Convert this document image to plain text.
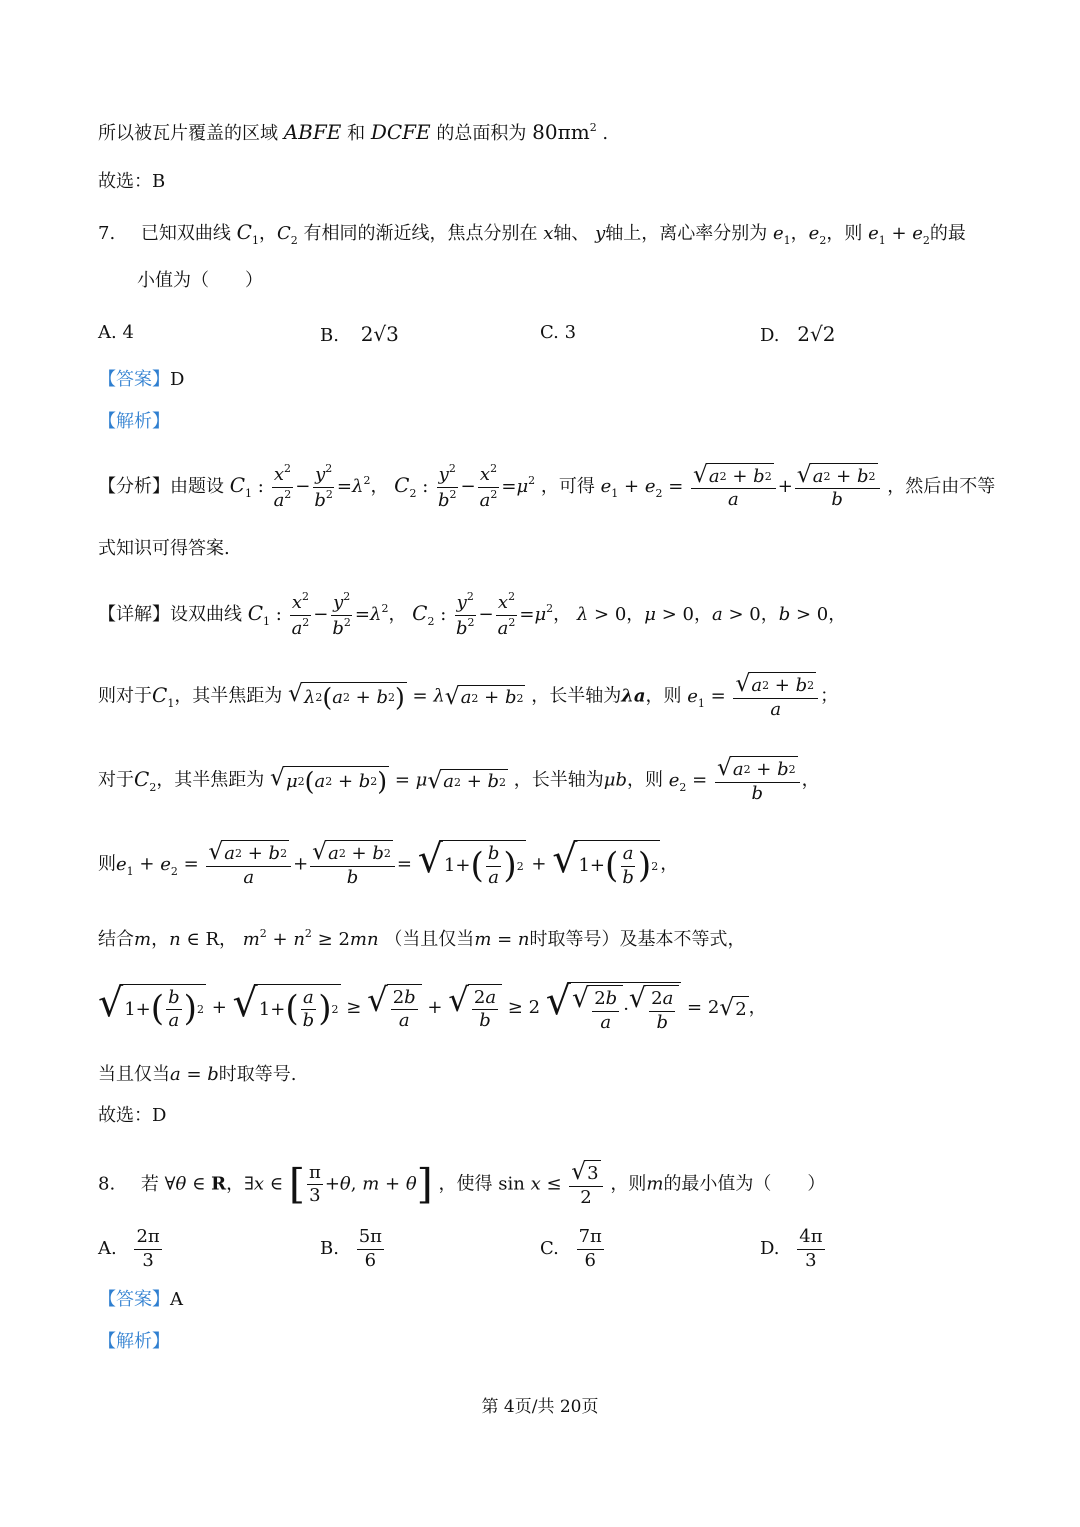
所以被瓦片覆盖的区域 ABFE 和 DCFE 的总面积为 $80\pi m^2$ .
故选：B
7. 已知双曲线 $C_1$，$C_2$ 有相同的渐近线，焦点分别在 x轴、 y轴上，离心率分别为 $e_1$，$e_2$，则 $e_1 + e_2$的最
小值为（　　）
A. 4	B. 2√3	C. 3	D. 2√2
【答案】D
【解析】
【分析】由题设 $C_1$ : $\frac{x^2}{a^2} - \frac{y^2}{b^2} =\lambda^2$， $C_2$ : $\frac{y^2}{b^2} - \frac{x^2}{a^2} =\mu^2$ ，可得 $e_1 + e_2 = \frac{√ a 2 + b 2}{a} + \frac{√ a 2 + b 2}{b}$ ，然后由不等
式知识可得答案.
【详解】设双曲线 $C_1$ : $\frac{x^2}{a^2} - \frac{y^2}{b^2} =\lambda^2$， $C_2$ : $\frac{y^2}{b^2} - \frac{x^2}{a^2} =\mu^2$， λ > 0，μ > 0，a > 0，b > 0，
则对于$C_1$，其半焦距为 √ λ 2 ( a 2 + b 2 ) = λ √ a 2 + b 2 ，长半轴为λa，则 $e_1 = \frac{√ a 2 + b 2}{a}$ ；
对于$C_2$，其半焦距为 √ μ 2 ( a 2 + b 2 ) = μ √ a 2 + b 2 ，长半轴为μb，则 $e_2 = \frac{√ a 2 + b 2}{b}$ ，
则$e_1 + e_2 = \frac{√ a 2 + b 2}{a} + \frac{√ a 2 + b 2}{b}$ = √ 1+ ( $\frac{b}{a}$ ) 2 + √ 1+ ( $\frac{a}{b}$ ) 2 ，
结合m，n ∈ R， $m^2 + n^2 \ge 2mn$ （当且仅当m = n时取等号）及基本不等式，
√ 1+ ( $\frac{b}{a}$ ) 2 + √ 1+ ( $\frac{a}{b}$ ) 2 ≥ √ $\frac{2b}{a}$ + √ $\frac{2a}{b} \ge 2$ √ √ $\frac{2b}{a}$ · √ $\frac{2a}{b} = 2$ √ 2 ，
当且仅当a = b时取等号.
故选：D
8. 若 ∀θ ∈ R，∃x ∈ [ $\frac{\pi}{3} +\theta$, m + θ] ，使得 $\sin x \le \frac{√ 3}{2}$ ，则m的最小值为（　　）
A. $\frac{2\pi}{3}$	B. $\frac{5\pi}{6}$	C. $\frac{7\pi}{6}$	D. $\frac{4\pi}{3}$
【答案】A
【解析】
第 4页/共 20页
